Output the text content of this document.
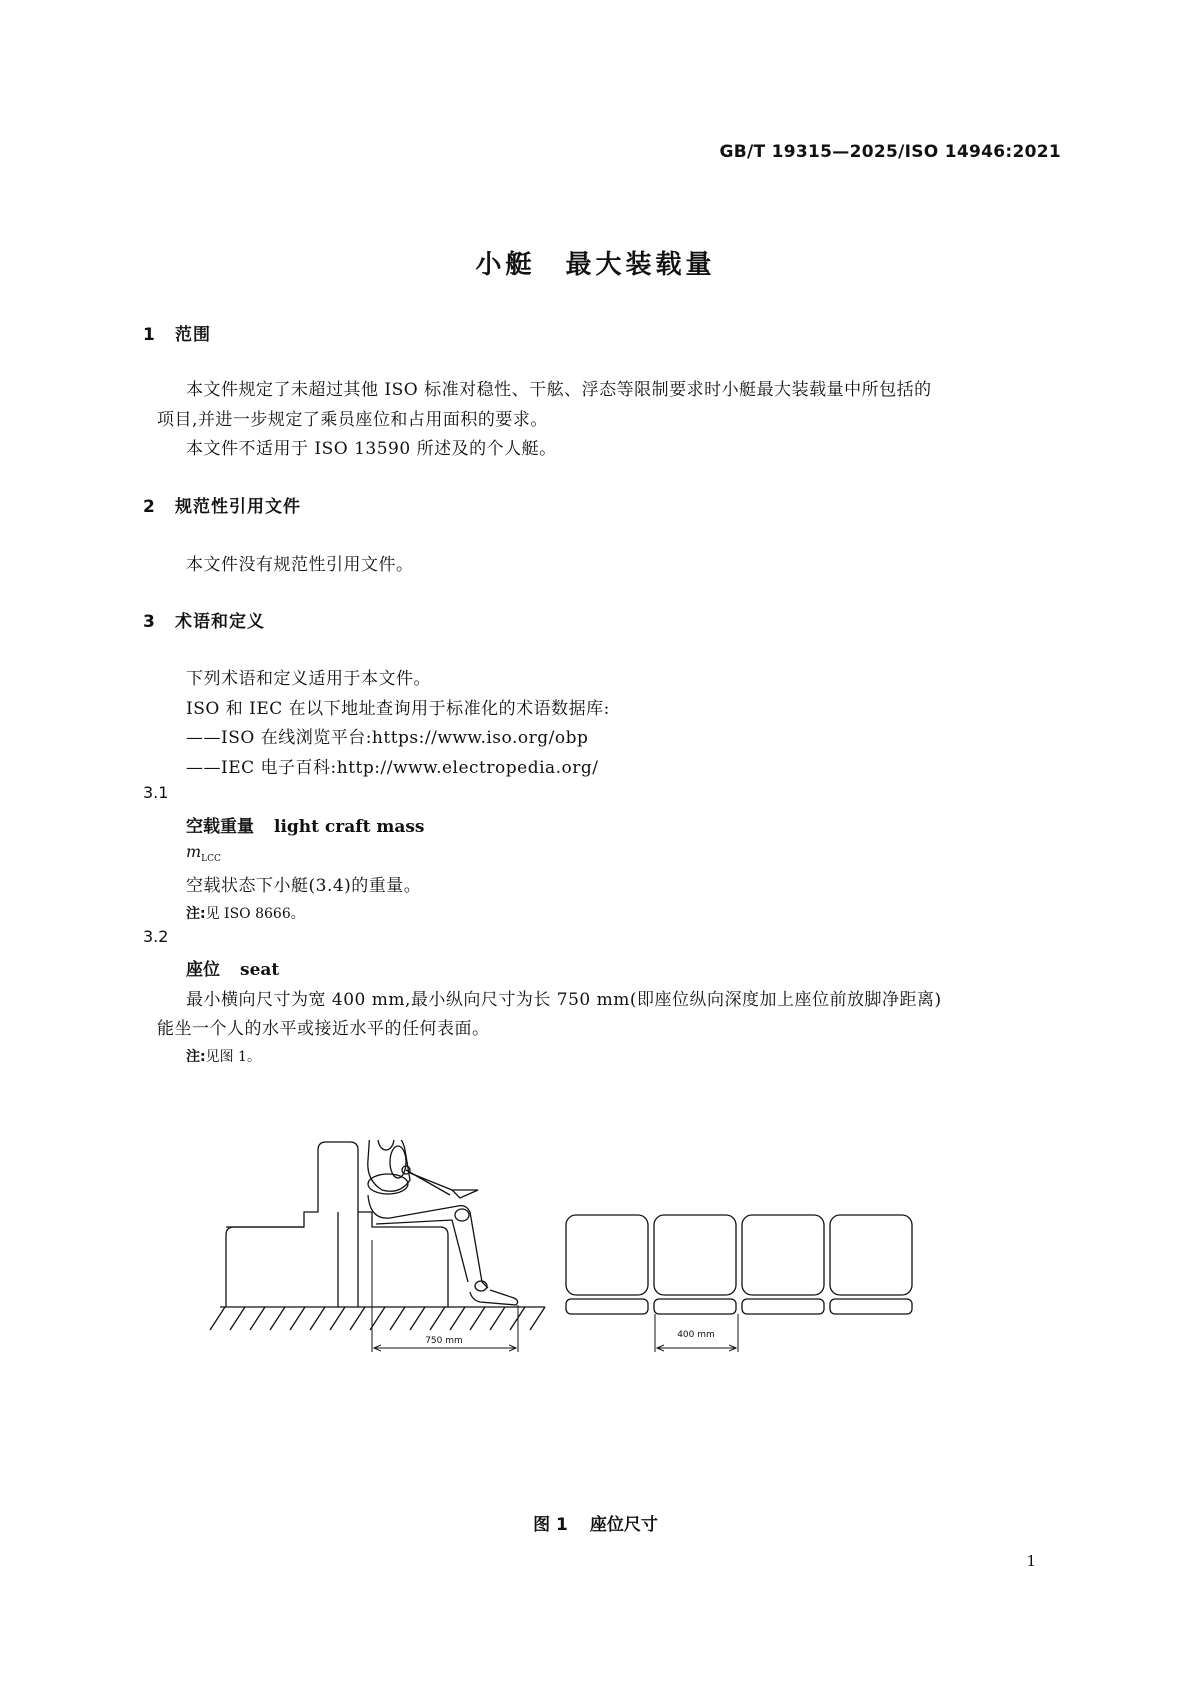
GB/T 19315—2025/ISO 14946:2021
小艇 最大装载量
1 范围
本文件规定了未超过其他 ISO 标准对稳性、干舷、浮态等限制要求时小艇最大装载量中所包括的
项目,并进一步规定了乘员座位和占用面积的要求。
本文件不适用于 ISO 13590 所述及的个人艇。
2 规范性引用文件
本文件没有规范性引用文件。
3 术语和定义
下列术语和定义适用于本文件。
ISO 和 IEC 在以下地址查询用于标准化的术语数据库:
——ISO 在线浏览平台:https://www.iso.org/obp
——IEC 电子百科:http://www.electropedia.org/
3.1
空载重量 light craft mass
$m_{LCC}$
空载状态下小艇(3.4)的重量。
注:见 ISO 8666。
3.2
座位 seat
最小横向尺寸为宽 400 mm,最小纵向尺寸为长 750 mm(即座位纵向深度加上座位前放脚净距离)
能坐一个人的水平或接近水平的任何表面。
注:见图 1。
750 mm
400 mm
图 1 座位尺寸
1
